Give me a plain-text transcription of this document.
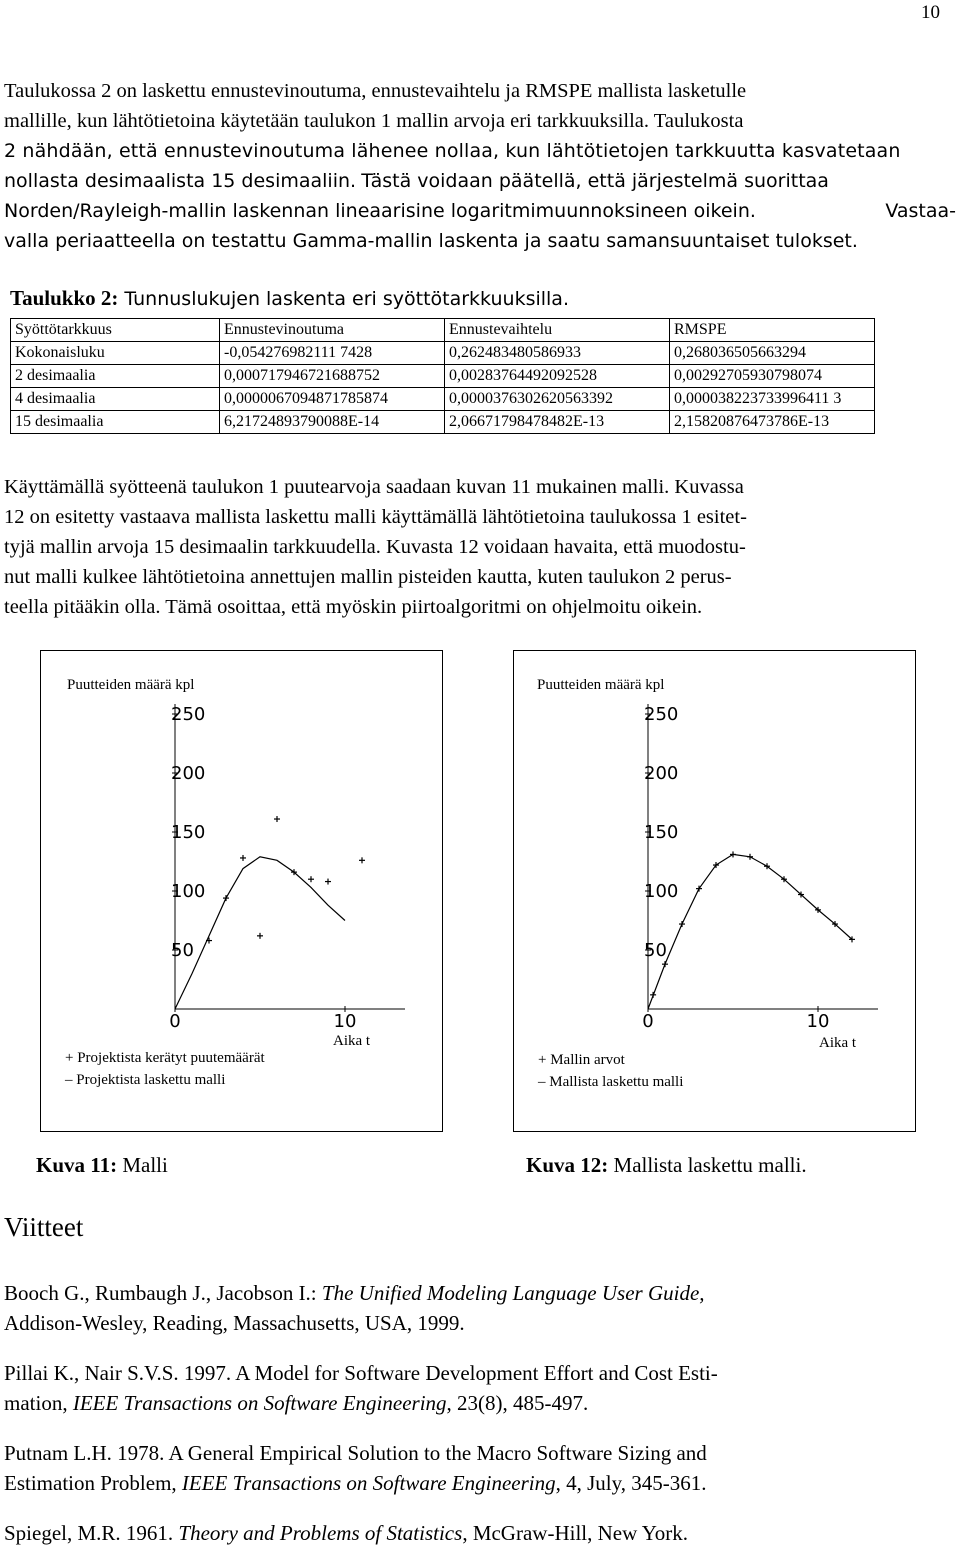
10
Taulukossa 2 on laskettu ennustevinoutuma, ennustevaihtelu ja RMSPE mallista lasketulle
mallille, kun lähtötietoina käytetään taulukon 1 mallin arvoja eri tarkkuuksilla. Taulukosta
2 nähdään, että ennustevinoutuma lähenee nollaa, kun lähtötietojen tarkkuutta kasvatetaan
nollasta desimaalista 15 desimaaliin. Tästä voidaan päätellä, että järjestelmä suorittaa
Norden/Rayleigh-mallin laskennan lineaarisine logaritmimuunnoksineen oikein.	Vastaa-
valla periaatteella on testattu Gamma-mallin laskenta ja saatu samansuuntaiset tulokset.
Taulukko 2: Tunnuslukujen laskenta eri syöttötarkkuuksilla.
Syöttötarkkuus	Ennustevinoutuma	Ennustevaihtelu	RMSPE
Kokonaisluku	-0,054276982111 7428	0,262483480586933	0,268036505663294
2 desimaalia	0,000717946721688752	0,00283764492092528	0,00292705930798074
4 desimaalia	0,0000067094871785874	0,0000376302620563392	0,000038223733996411 3
15 desimaalia	6,21724893790088E-14	2,06671798478482E-13	2,15820876473786E-13
Käyttämällä syötteenä taulukon 1 puutearvoja saadaan kuvan 11 mukainen malli. Kuvassa
12 on esitetty vastaava mallista laskettu malli käyttämällä lähtötietoina taulukossa 1 esitet-
tyjä mallin arvoja 15 desimaalin tarkkuudella. Kuvasta 12 voidaan havaita, että muodostu-
nut malli kulkee lähtötietoina annettujen mallin pisteiden kautta, kuten taulukon 2 perus-
teella pitääkin olla. Tämä osoittaa, että myöskin piirtoalgoritmi on ohjelmoitu oikein.
Puutteiden määrä kpl
50
100
150
200
250
0	10
Aika t
+ Projektista kerätyt puutemäärät
– Projektista laskettu malli
Puutteiden määrä kpl
50
100
150
200
250
0	10
Aika t
+ Mallin arvot
– Mallista laskettu malli
Kuva 11: Malli	Kuva 12: Mallista laskettu malli.
Viitteet
Booch G., Rumbaugh J., Jacobson I.: The Unified Modeling Language User Guide,
Addison-Wesley, Reading, Massachusetts, USA, 1999.
Pillai K., Nair S.V.S. 1997. A Model for Software Development Effort and Cost Esti-
mation, IEEE Transactions on Software Engineering, 23(8), 485-497.
Putnam L.H. 1978. A General Empirical Solution to the Macro Software Sizing and
Estimation Problem, IEEE Transactions on Software Engineering, 4, July, 345-361.
Spiegel, M.R. 1961. Theory and Problems of Statistics, McGraw-Hill, New York.
